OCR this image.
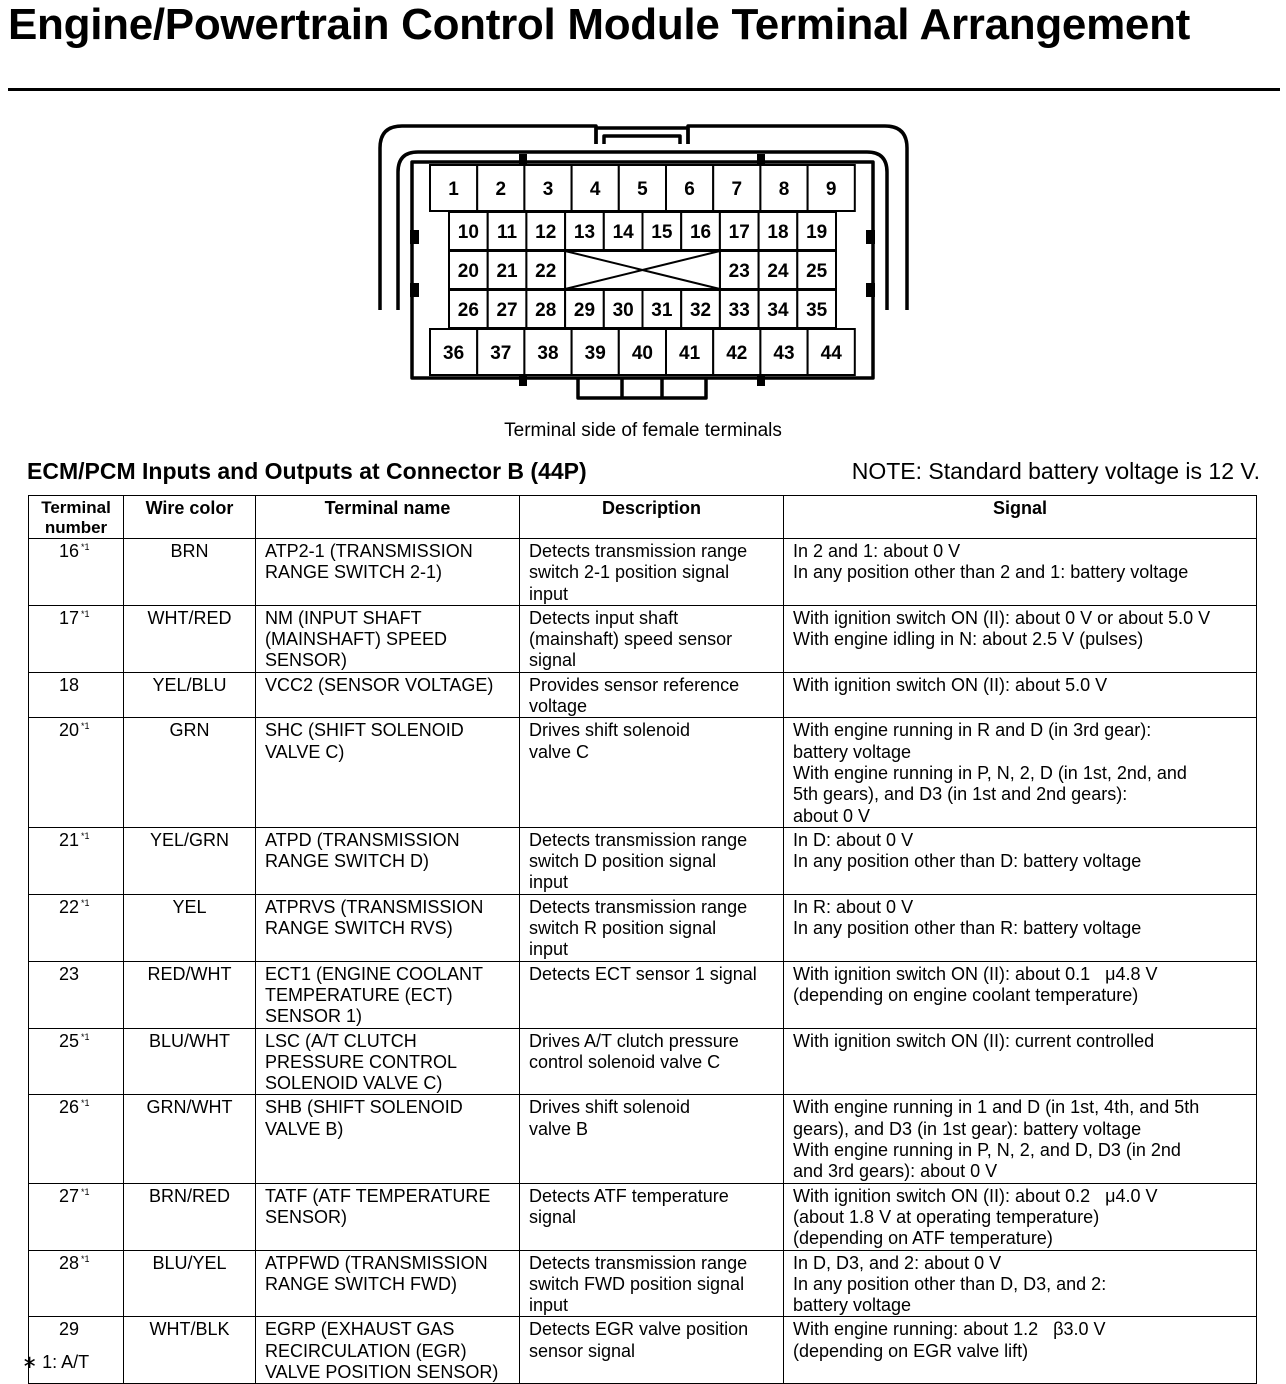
Engine/Powertrain Control Module Terminal Arrangement
1 2 3 4 5 6 7 8 9
10 11 12 13 14 15 16 17 18 19
20 21 22	23 24 25
26 27 28 29 30 31 32 33 34 35
36 37 38 39 40 41 42 43 44
Terminal side of female terminals
ECM/PCM Inputs and Outputs at Connector B (44P)	NOTE: Standard battery voltage is 12 V.
Terminal
number	Wire color	Terminal name	Description	Signal
16 $^{*1}$	BRN	ATP2-1 (TRANSMISSION
RANGE SWITCH 2-1)	Detects transmission range
switch 2-1 position signal
input	In 2 and 1: about 0 V
In any position other than 2 and 1: battery voltage

17 $^{*1}$	WHT/RED	NM (INPUT SHAFT
(MAINSHAFT) SPEED
SENSOR)	Detects input shaft
(mainshaft) speed sensor
signal	With ignition switch ON (II): about 0 V or about 5.0 V
With engine idling in N: about 2.5 V (pulses)

18	YEL/BLU	VCC2 (SENSOR VOLTAGE)	Provides sensor reference
voltage	With ignition switch ON (II): about 5.0 V

20 $^{*1}$	GRN	SHC (SHIFT SOLENOID
VALVE C)	Drives shift solenoid
valve C	With engine running in R and D (in 3rd gear):
battery voltage
With engine running in P, N, 2, D (in 1st, 2nd, and
5th gears), and D3 (in 1st and 2nd gears):
about 0 V

21 $^{*1}$	YEL/GRN	ATPD (TRANSMISSION
RANGE SWITCH D)	Detects transmission range
switch D position signal
input	In D: about 0 V
In any position other than D: battery voltage

22 $^{*1}$	YEL	ATPRVS (TRANSMISSION
RANGE SWITCH RVS)	Detects transmission range
switch R position signal
input	In R: about 0 V
In any position other than R: battery voltage

23	RED/WHT	ECT1 (ENGINE COOLANT
TEMPERATURE (ECT)
SENSOR 1)	Detects ECT sensor 1 signal	With ignition switch ON (II): about 0.1   μ4.8 V
(depending on engine coolant temperature)

25 $^{*1}$	BLU/WHT	LSC (A/T CLUTCH
PRESSURE CONTROL
SOLENOID VALVE C)	Drives A/T clutch pressure
control solenoid valve C	With ignition switch ON (II): current controlled

26 $^{*1}$	GRN/WHT	SHB (SHIFT SOLENOID
VALVE B)	Drives shift solenoid
valve B	With engine running in 1 and D (in 1st, 4th, and 5th
gears), and D3 (in 1st gear): battery voltage
With engine running in P, N, 2, and D, D3 (in 2nd
and 3rd gears): about 0 V

27 $^{*1}$	BRN/RED	TATF (ATF TEMPERATURE
SENSOR)	Detects ATF temperature
signal	With ignition switch ON (II): about 0.2   μ4.0 V
(about 1.8 V at operating temperature)
(depending on ATF temperature)

28 $^{*1}$	BLU/YEL	ATPFWD (TRANSMISSION
RANGE SWITCH FWD)	Detects transmission range
switch FWD position signal
input	In D, D3, and 2: about 0 V
In any position other than D, D3, and 2:
battery voltage

29	WHT/BLK	EGRP (EXHAUST GAS
RECIRCULATION (EGR)
VALVE POSITION SENSOR)	Detects EGR valve position
sensor signal	With engine running: about 1.2   β3.0 V
(depending on EGR valve lift)
∗ 1: A/T
